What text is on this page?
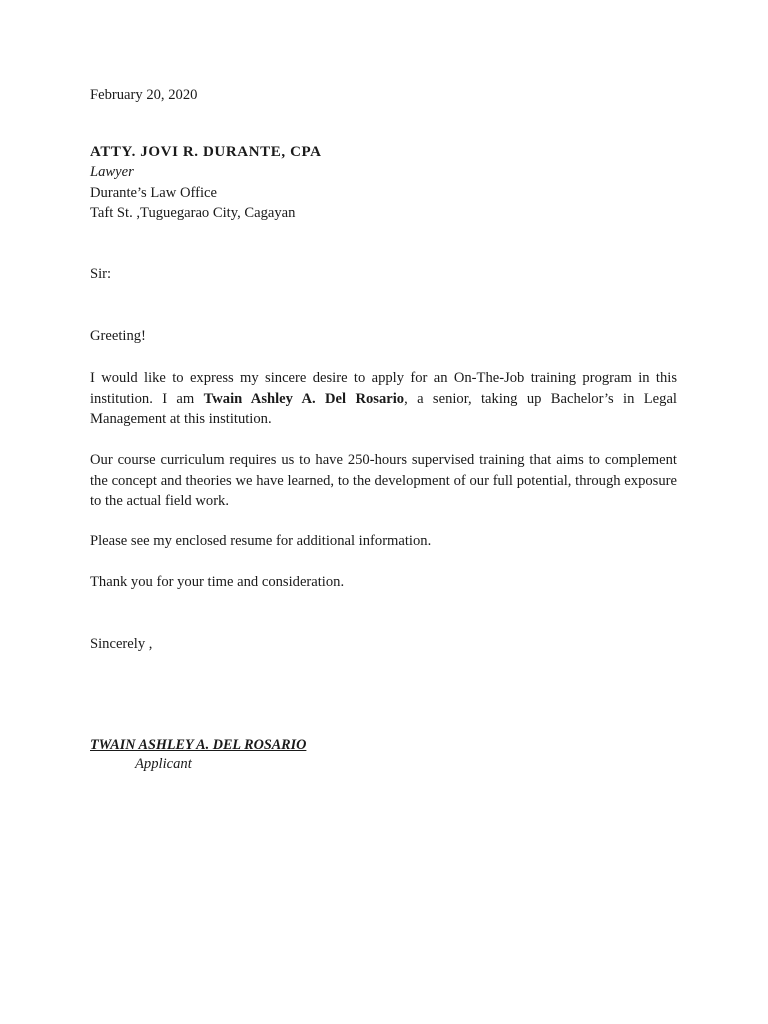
February 20, 2020
ATTY. JOVI R. DURANTE, CPA
Lawyer
Durante’s Law Office
Taft St. ,Tuguegarao City, Cagayan
Sir:
Greeting!

I would like to express my sincere desire to apply for an On-The-Job training program in this institution. I am Twain Ashley A. Del Rosario, a senior, taking up Bachelor’s in Legal Management at this institution.

Our course curriculum requires us to have 250-hours supervised training that aims to complement the concept and theories we have learned, to the development of our full potential, through exposure to the actual field work.

Please see my enclosed resume for additional information.
Thank you for your time and consideration.
Sincerely ,
TWAIN ASHLEY A. DEL ROSARIO
Applicant
